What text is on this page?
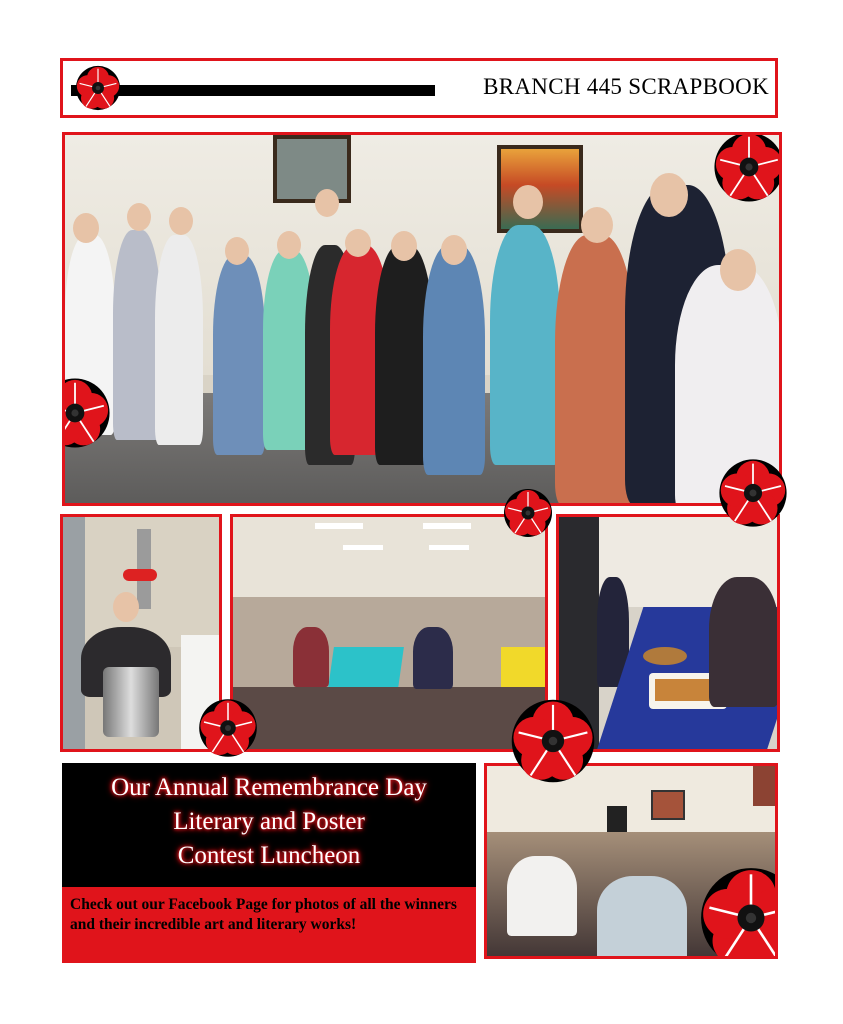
BRANCH 445 SCRAPBOOK
Our Annual Remembrance Day
Literary and Poster
Contest Luncheon
Check out our Facebook Page for photos of all the winners and their incredible art and literary works!
